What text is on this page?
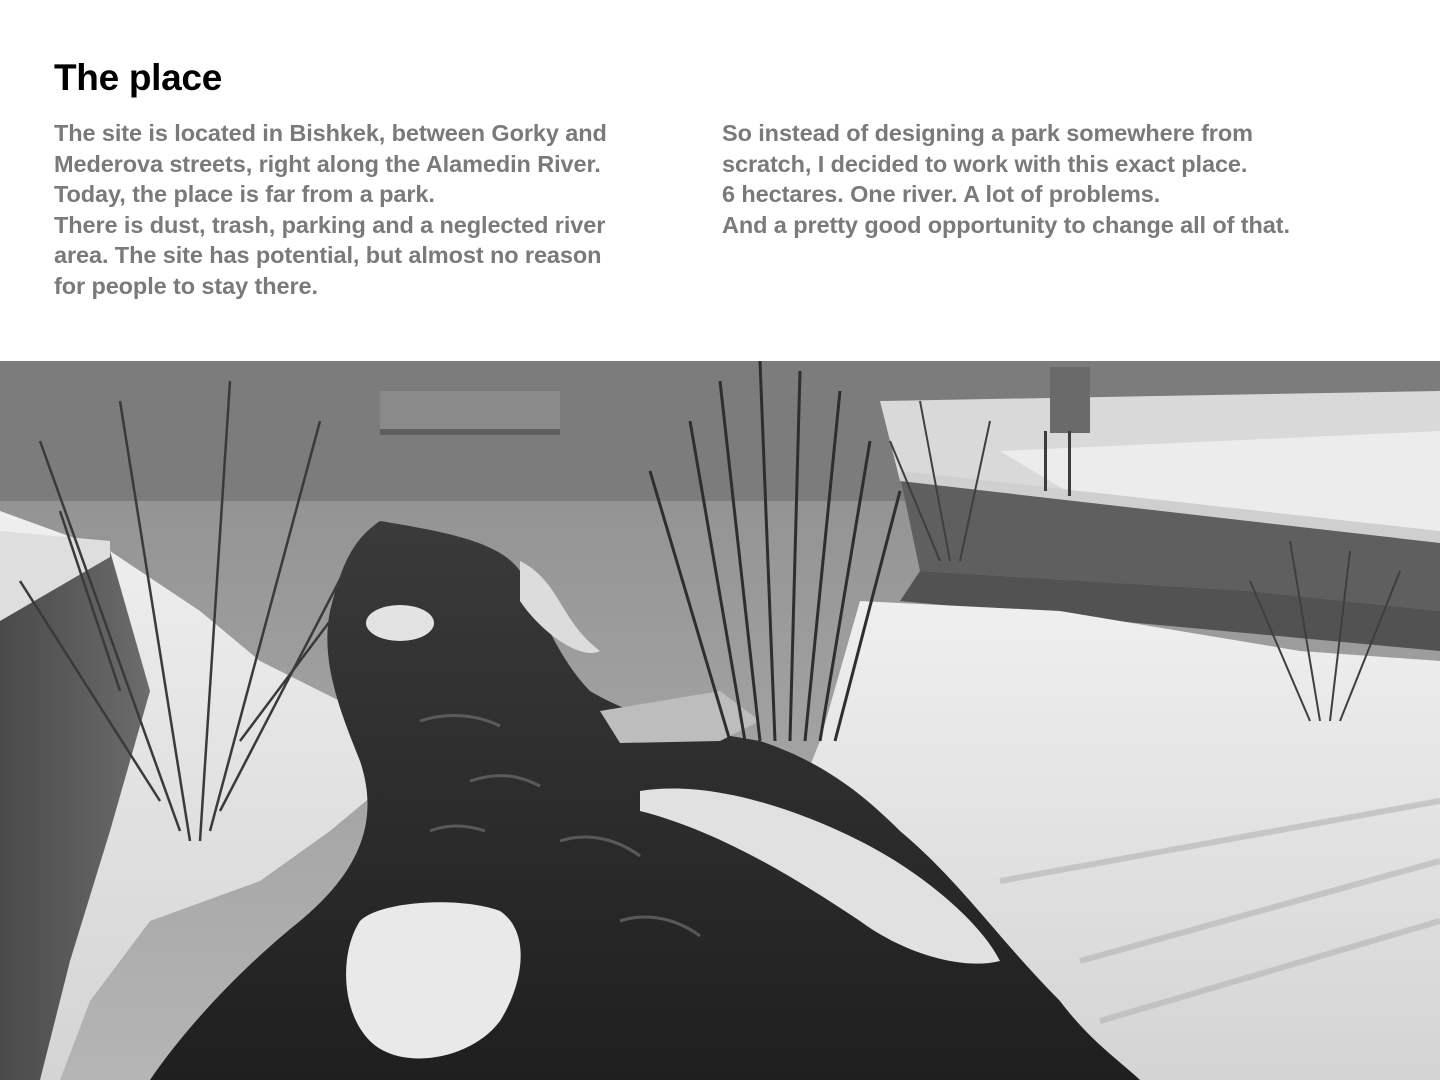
The place
The site is located in Bishkek, between Gorky and
Mederova streets, right along the Alamedin River.
Today, the place is far from a park.
There is dust, trash, parking and a neglected river
area. The site has potential, but almost no reason
for people to stay there.
So instead of designing a park somewhere from
scratch, I decided to work with this exact place.
6 hectares. One river. A lot of problems.
And a pretty good opportunity to change all of that.
